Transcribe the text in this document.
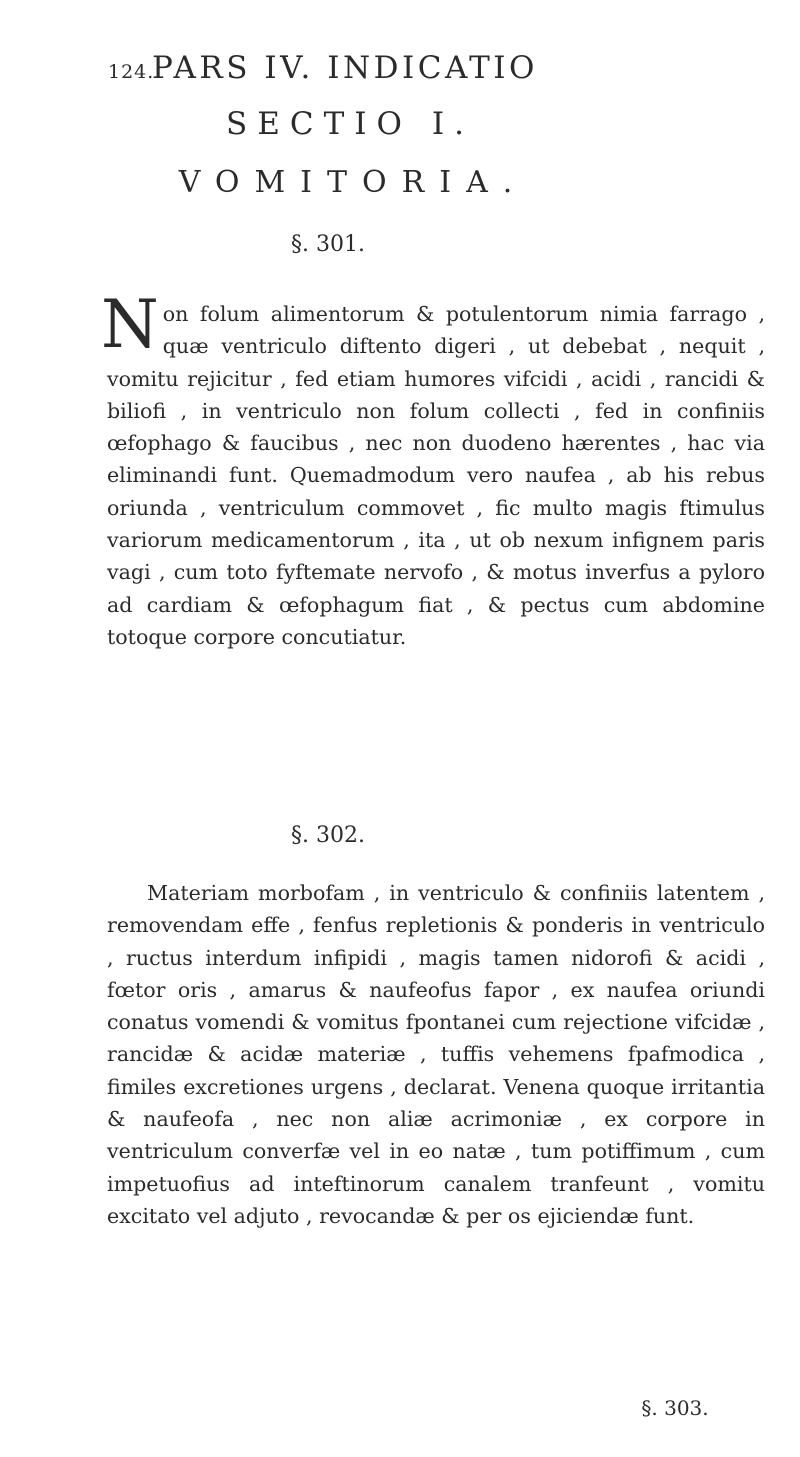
124.
PARS IV. INDICATIO
SECTIO I.
VOMITORIA.
§. 301.
Non folum alimentorum & potulentorum nimia farrago , quæ ventriculo diftento digeri , ut debebat , nequit , vomitu rejicitur , fed etiam humores vifcidi , acidi , rancidi & biliofi , in ventriculo non folum collecti , fed in confiniis œfophago & faucibus , nec non duodeno hærentes , hac via eliminandi funt. Quemadmodum vero naufea , ab his rebus oriunda , ventriculum commovet , fic multo magis ftimulus variorum medicamentorum , ita , ut ob nexum infignem paris vagi , cum toto fyftemate nervofo , & motus inverfus a pyloro ad cardiam & œfophagum fiat , & pectus cum abdomine totoque corpore concutiatur.
§. 302.
Materiam morbofam , in ventriculo & confiniis latentem , removendam effe , fenfus repletionis & ponderis in ventriculo , ructus interdum infipidi , magis tamen nidorofi & acidi , fœtor oris , amarus & naufeofus fapor , ex naufea oriundi conatus vomendi & vomitus fpontanei cum rejectione vifcidæ , rancidæ & acidæ materiæ , tuffis vehemens fpafmodica , fimiles excretiones urgens , declarat. Venena quoque irritantia & naufeofa , nec non aliæ acrimoniæ , ex corpore in ventriculum converfæ vel in eo natæ , tum potiffimum , cum impetuofius ad inteftinorum canalem tranfeunt , vomitu excitato vel adjuto , revocandæ & per os ejiciendæ funt.
§. 303.
